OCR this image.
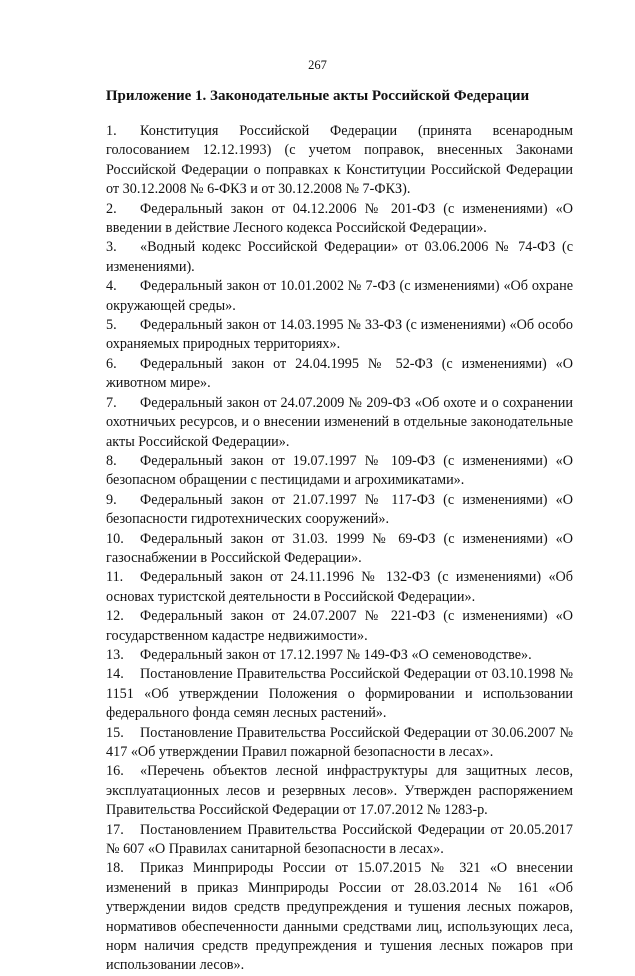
267
Приложение 1. Законодательные акты Российской Федерации

1. Конституция Российской Федерации (принята всенародным голосованием 12.12.1993) (с учетом поправок, внесенных Законами Российской Федерации о поправках к Конституции Российской Федерации от 30.12.2008 № 6-ФКЗ и от 30.12.2008 № 7-ФКЗ).

2. Федеральный закон от 04.12.2006 № 201-ФЗ (с изменениями) «О введении в действие Лесного кодекса Российской Федерации».

3. «Водный кодекс Российской Федерации» от 03.06.2006 № 74-ФЗ (с изменениями).

4. Федеральный закон от 10.01.2002 № 7-ФЗ (с изменениями) «Об охране окружающей среды».

5. Федеральный закон от 14.03.1995 № 33-ФЗ (с изменениями) «Об особо охраняемых природных территориях».

6. Федеральный закон от 24.04.1995 № 52-ФЗ (с изменениями) «О животном мире».

7. Федеральный закон от 24.07.2009 № 209-ФЗ «Об охоте и о сохранении охотничьих ресурсов, и о внесении изменений в отдельные законодательные акты Российской Федерации».

8. Федеральный закон от 19.07.1997 № 109-ФЗ (с изменениями) «О безопасном обращении с пестицидами и агрохимикатами».

9. Федеральный закон от 21.07.1997 № 117-ФЗ (с изменениями) «О безопасности гидротехнических сооружений».

10. Федеральный закон от 31.03. 1999 № 69-ФЗ (с изменениями) «О газоснабжении в Российской Федерации».

11. Федеральный закон от 24.11.1996 № 132-ФЗ (с изменениями) «Об основах туристской деятельности в Российской Федерации».

12. Федеральный закон от 24.07.2007 № 221-ФЗ (с изменениями) «О государственном кадастре недвижимости».

13. Федеральный закон от 17.12.1997 № 149-ФЗ «О семеноводстве».

14. Постановление Правительства Российской Федерации от 03.10.1998 № 1151 «Об утверждении Положения о формировании и использовании федерального фонда семян лесных растений».

15. Постановление Правительства Российской Федерации от 30.06.2007 № 417 «Об утверждении Правил пожарной безопасности в лесах».

16. «Перечень объектов лесной инфраструктуры для защитных лесов, эксплуатационных лесов и резервных лесов». Утвержден распоряжением Правительства Российской Федерации от 17.07.2012 № 1283-р.

17. Постановлением Правительства Российской Федерации от 20.05.2017 № 607 «О Правилах санитарной безопасности в лесах».

18. Приказ Минприроды России от 15.07.2015 № 321 «О внесении изменений в приказ Минприроды России от 28.03.2014 № 161 «Об утверждении видов средств предупреждения и тушения лесных пожаров, нормативов обеспеченности данными средствами лиц, использующих леса, норм наличия средств предупреждения и тушения лесных пожаров при использовании лесов».
